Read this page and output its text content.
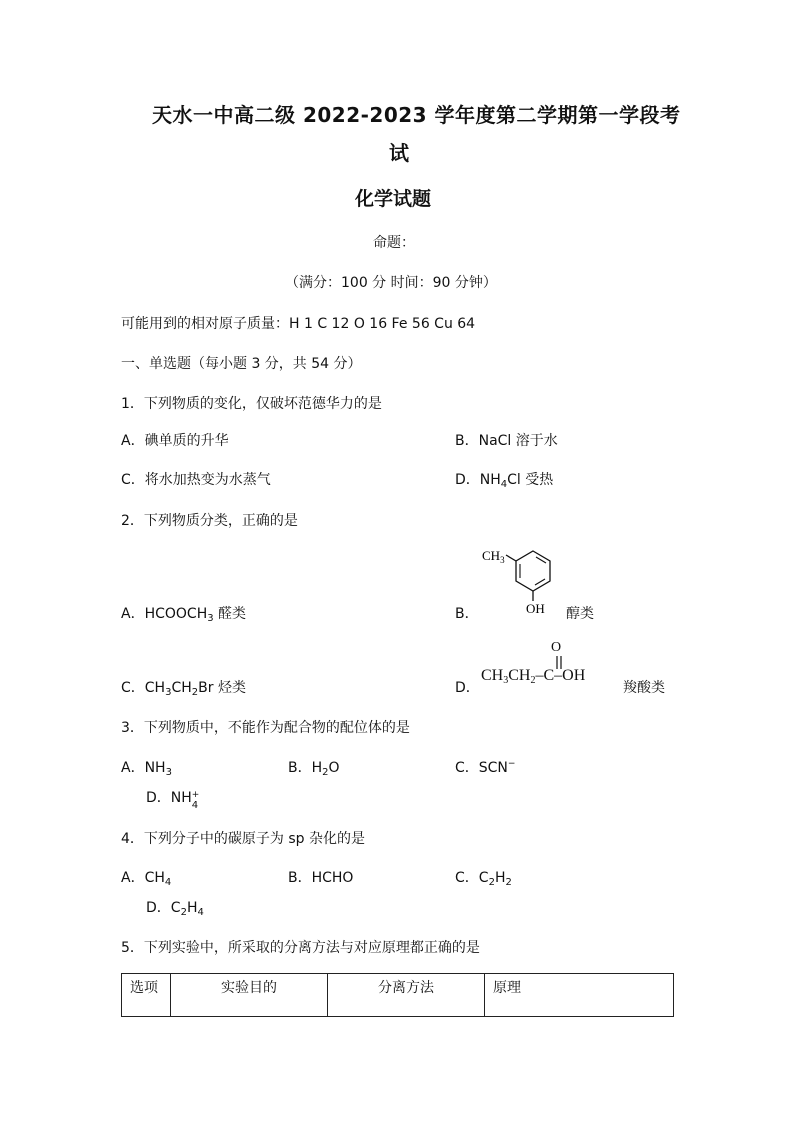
天水一中高二级 2022-2023 学年度第二学期第一学段考
试
化学试题
命题：
（满分：100 分 时间：90 分钟）
可能用到的相对原子质量：H 1 C 12 O 16 Fe 56 Cu 64
一、单选题（每小题 3 分，共 54 分）
1．下列物质的变化，仅破坏范德华力的是
A．碘单质的升华	B．NaCl 溶于水
C．将水加热变为水蒸气	D．$NH_4Cl$ 受热
2．下列物质分类，正确的是
A．$HCOOCH_3$ 醛类	B．
$CH_3$
OH 醇类
C．$CH_3CH_2Br$ 烃类	D．
O
$CH_3CH_2-C-OH$
羧酸类
3．下列物质中，不能作为配合物的配位体的是
A．$NH_3$	B．$H_2O$	C．SCN−
D．NH +
4
4．下列分子中的碳原子为 sp 杂化的是
A．$CH_4$	B．HCHO	C．$C_2H_2$
D．$C_2H_4$
5．下列实验中，所采取的分离方法与对应原理都正确的是
选项	实验目的	分离方法	原理
